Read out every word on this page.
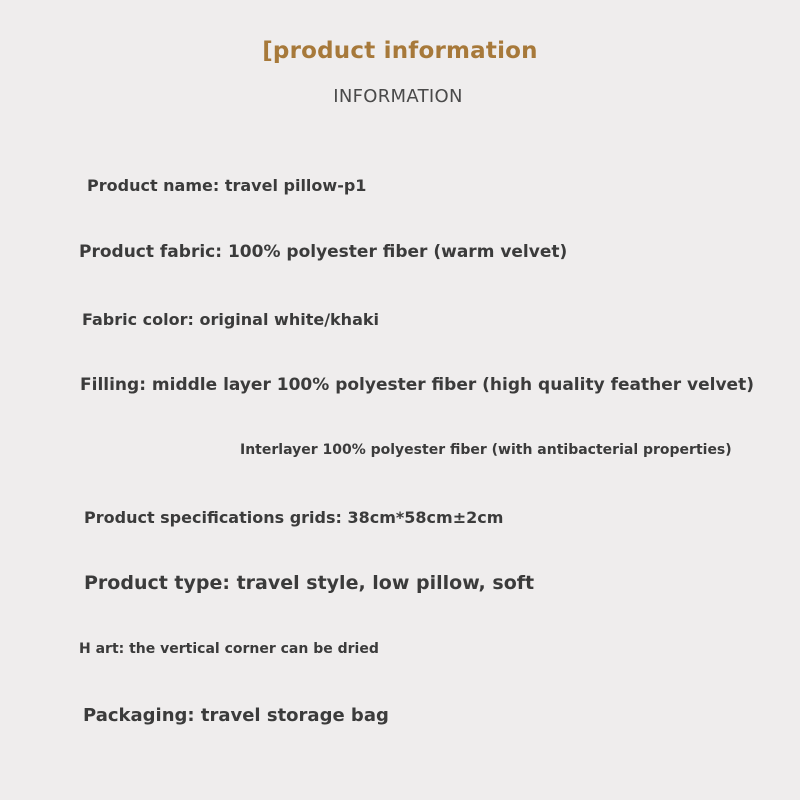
[product information
INFORMATION
Product name: travel pillow-p1
Product fabric: 100% polyester fiber (warm velvet)
Fabric color: original white/khaki
Filling: middle layer 100% polyester fiber (high quality feather velvet)
Interlayer 100% polyester fiber (with antibacterial properties)
Product specifications grids: 38cm*58cm±2cm
Product type: travel style, low pillow, soft
H art: the vertical corner can be dried
Packaging: travel storage bag
